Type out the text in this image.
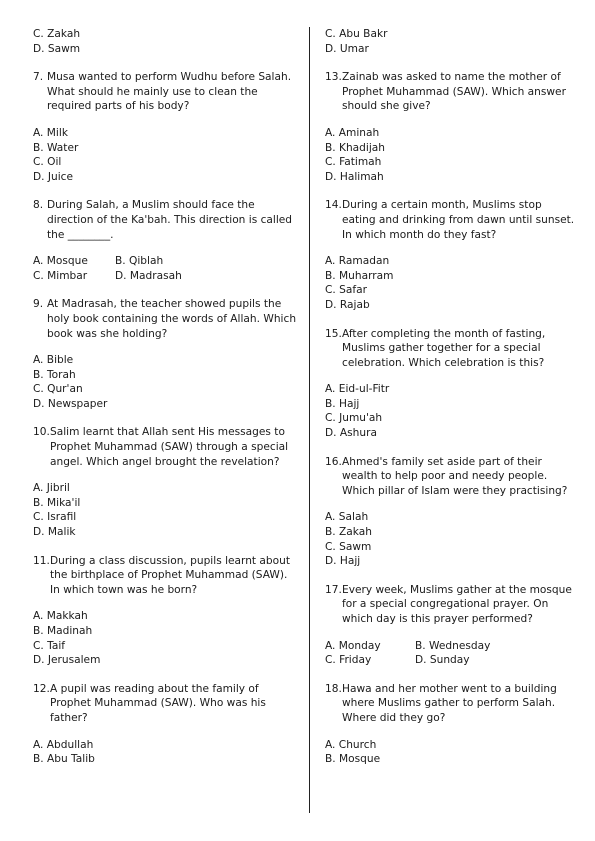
C. Zakah
D. Sawm
7. Musa wanted to perform Wudhu before Salah. What should he mainly use to clean the required parts of his body?
A. Milk
B. Water
C. Oil
D. Juice
8. During Salah, a Muslim should face the direction of the Ka'bah. This direction is called the ________.
A. Mosque	B. Qiblah
C. Mimbar	D. Madrasah
9. At Madrasah, the teacher showed pupils the holy book containing the words of Allah. Which book was she holding?
A. Bible
B. Torah
C. Qur'an
D. Newspaper
10. Salim learnt that Allah sent His messages to Prophet Muhammad (SAW) through a special angel. Which angel brought the revelation?
A. Jibril
B. Mika'il
C. Israfil
D. Malik
11. During a class discussion, pupils learnt about the birthplace of Prophet Muhammad (SAW). In which town was he born?
A. Makkah
B. Madinah
C. Taif
D. Jerusalem
12. A pupil was reading about the family of Prophet Muhammad (SAW). Who was his father?
A. Abdullah
B. Abu Talib
C. Abu Bakr
D. Umar
13. Zainab was asked to name the mother of Prophet Muhammad (SAW). Which answer should she give?
A. Aminah
B. Khadijah
C. Fatimah
D. Halimah
14. During a certain month, Muslims stop eating and drinking from dawn until sunset. In which month do they fast?
A. Ramadan
B. Muharram
C. Safar
D. Rajab
15. After completing the month of fasting, Muslims gather together for a special celebration. Which celebration is this?
A. Eid-ul-Fitr
B. Hajj
C. Jumu'ah
D. Ashura
16. Ahmed's family set aside part of their wealth to help poor and needy people. Which pillar of Islam were they practising?
A. Salah
B. Zakah
C. Sawm
D. Hajj
17. Every week, Muslims gather at the mosque for a special congregational prayer. On which day is this prayer performed?
A. Monday	B. Wednesday
C. Friday	D. Sunday
18. Hawa and her mother went to a building where Muslims gather to perform Salah. Where did they go?
A. Church
B. Mosque
